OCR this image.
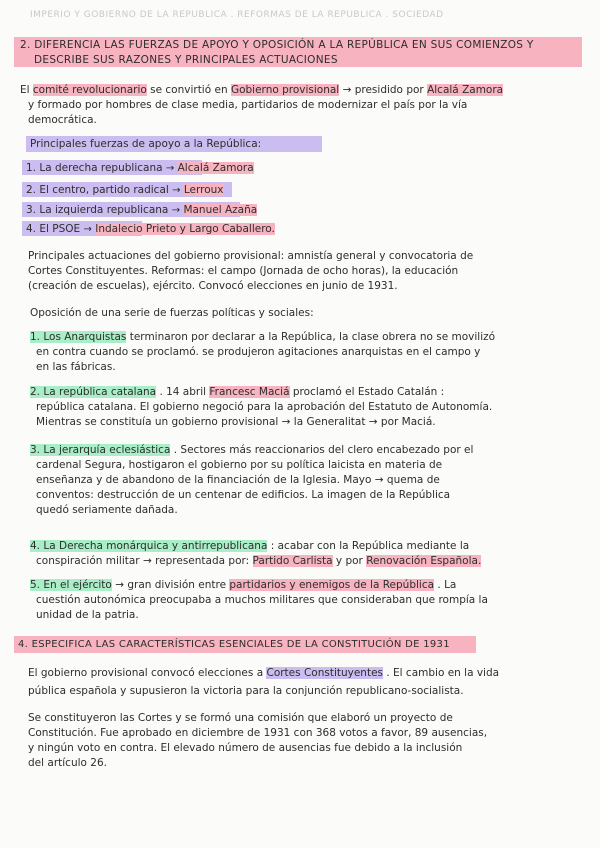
IMPERIO Y GOBIERNO DE LA REPUBLICA . REFORMAS DE LA REPUBLICA . SOCIEDAD
2. DIFERENCIA LAS FUERZAS DE APOYO Y OPOSICIÓN A LA REPÚBLICA EN SUS COMIENZOS Y
DESCRIBE SUS RAZONES Y PRINCIPALES ACTUACIONES
El comité revolucionario se convirtió en Gobierno provisional → presidido por Alcalá Zamora
y formado por hombres de clase media, partidarios de modernizar el país por la vía
democrática.
Principales fuerzas de apoyo a la República:
1. La derecha republicana → Alcalá Zamora
2. El centro, partido radical → Lerroux
3. La izquierda republicana → Manuel Azaña
4. El PSOE → Indalecio Prieto y Largo Caballero.
Principales actuaciones del gobierno provisional: amnistía general y convocatoria de
Cortes Constituyentes. Reformas: el campo (Jornada de ocho horas), la educación
(creación de escuelas), ejército. Convocó elecciones en junio de 1931.
Oposición de una serie de fuerzas políticas y sociales:
1. Los Anarquistas terminaron por declarar a la República, la clase obrera no se movilizó
en contra cuando se proclamó. se produjeron agitaciones anarquistas en el campo y
en las fábricas.
2. La república catalana . 14 abril Francesc Maciá proclamó el Estado Catalán :
república catalana. El gobierno negoció para la aprobación del Estatuto de Autonomía.
Mientras se constituía un gobierno provisional → la Generalitat → por Maciá.
3. La jerarquía eclesiástica . Sectores más reaccionarios del clero encabezado por el
cardenal Segura, hostigaron el gobierno por su política laicista en materia de
enseñanza y de abandono de la financiación de la Iglesia. Mayo → quema de
conventos: destrucción de un centenar de edificios. La imagen de la República
quedó seriamente dañada.
4. La Derecha monárquica y antirrepublicana : acabar con la República mediante la
conspiración militar → representada por: Partido Carlista y por Renovación Española.
5. En el ejército → gran división entre partidarios y enemigos de la República . La
cuestión autonómica preocupaba a muchos militares que consideraban que rompía la
unidad de la patria.
4. ESPECIFICA LAS CARACTERÍSTICAS ESENCIALES DE LA CONSTITUCIÓN DE 1931
El gobierno provisional convocó elecciones a Cortes Constituyentes . El cambio en la vida
pública española y supusieron la victoria para la conjunción republicano-socialista.
Se constituyeron las Cortes y se formó una comisión que elaboró un proyecto de
Constitución. Fue aprobado en diciembre de 1931 con 368 votos a favor, 89 ausencias,
y ningún voto en contra. El elevado número de ausencias fue debido a la inclusión
del artículo 26.
